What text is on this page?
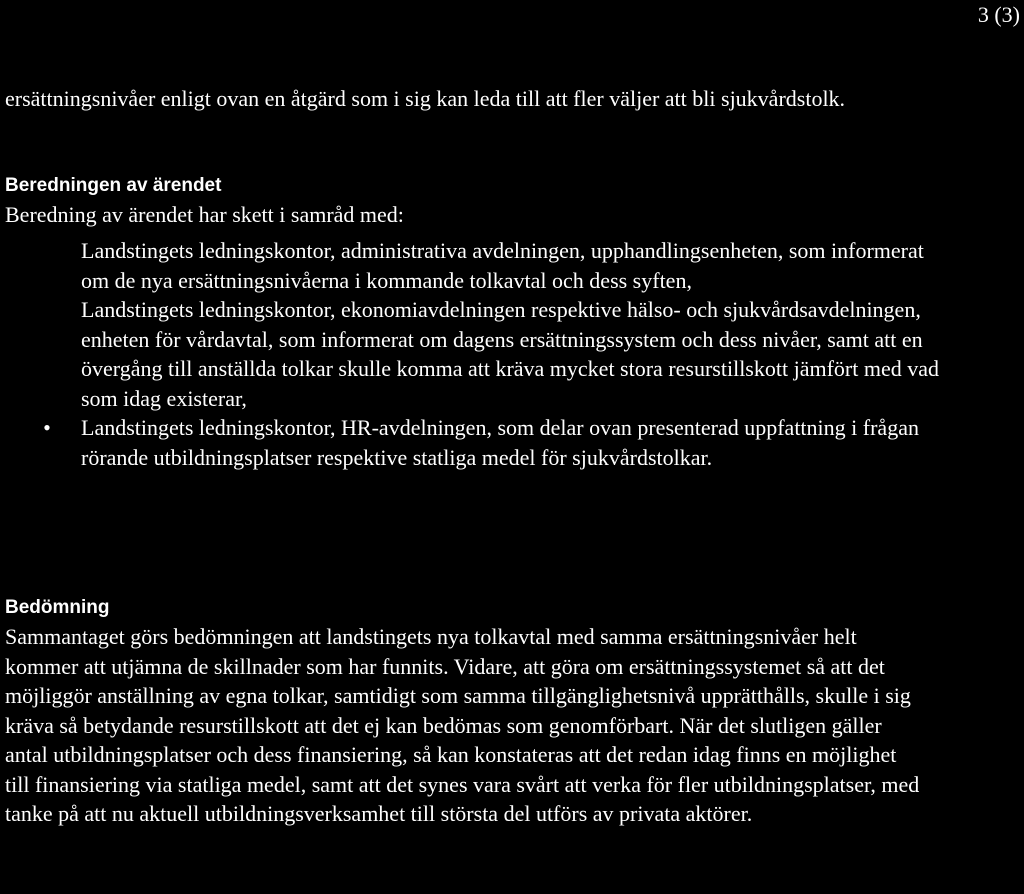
3 (3)

ersättningsnivåer enligt ovan en åtgärd som i sig kan leda till att fler väljer att bli sjukvårdstolk.

Beredningen av ärendet

Beredning av ärendet har skett i samråd med:

Landstingets ledningskontor, administrativa avdelningen, upphandlingsenheten, som informerat om de nya ersättningsnivåerna i kommande tolkavtal och dess syften,
Landstingets ledningskontor, ekonomiavdelningen respektive hälso- och sjukvårdsavdelningen, enheten för vårdavtal, som informerat om dagens ersättningssystem och dess nivåer, samt att en övergång till anställda tolkar skulle komma att kräva mycket stora resurstillskott jämfört med vad som idag existerar,
• Landstingets ledningskontor, HR-avdelningen, som delar ovan presenterad uppfattning i frågan rörande utbildningsplatser respektive statliga medel för sjukvårdstolkar.
Bedömning

Sammantaget görs bedömningen att landstingets nya tolkavtal med samma ersättningsnivåer helt kommer att utjämna de skillnader som har funnits. Vidare, att göra om ersättningssystemet så att det möjliggör anställning av egna tolkar, samtidigt som samma tillgänglighetsnivå upprätthålls, skulle i sig kräva så betydande resurstillskott att det ej kan bedömas som genomförbart. När det slutligen gäller antal utbildningsplatser och dess finansiering, så kan konstateras att det redan idag finns en möjlighet till finansiering via statliga medel, samt att det synes vara svårt att verka för fler utbildningsplatser, med tanke på att nu aktuell utbildningsverksamhet till största del utförs av privata aktörer.
